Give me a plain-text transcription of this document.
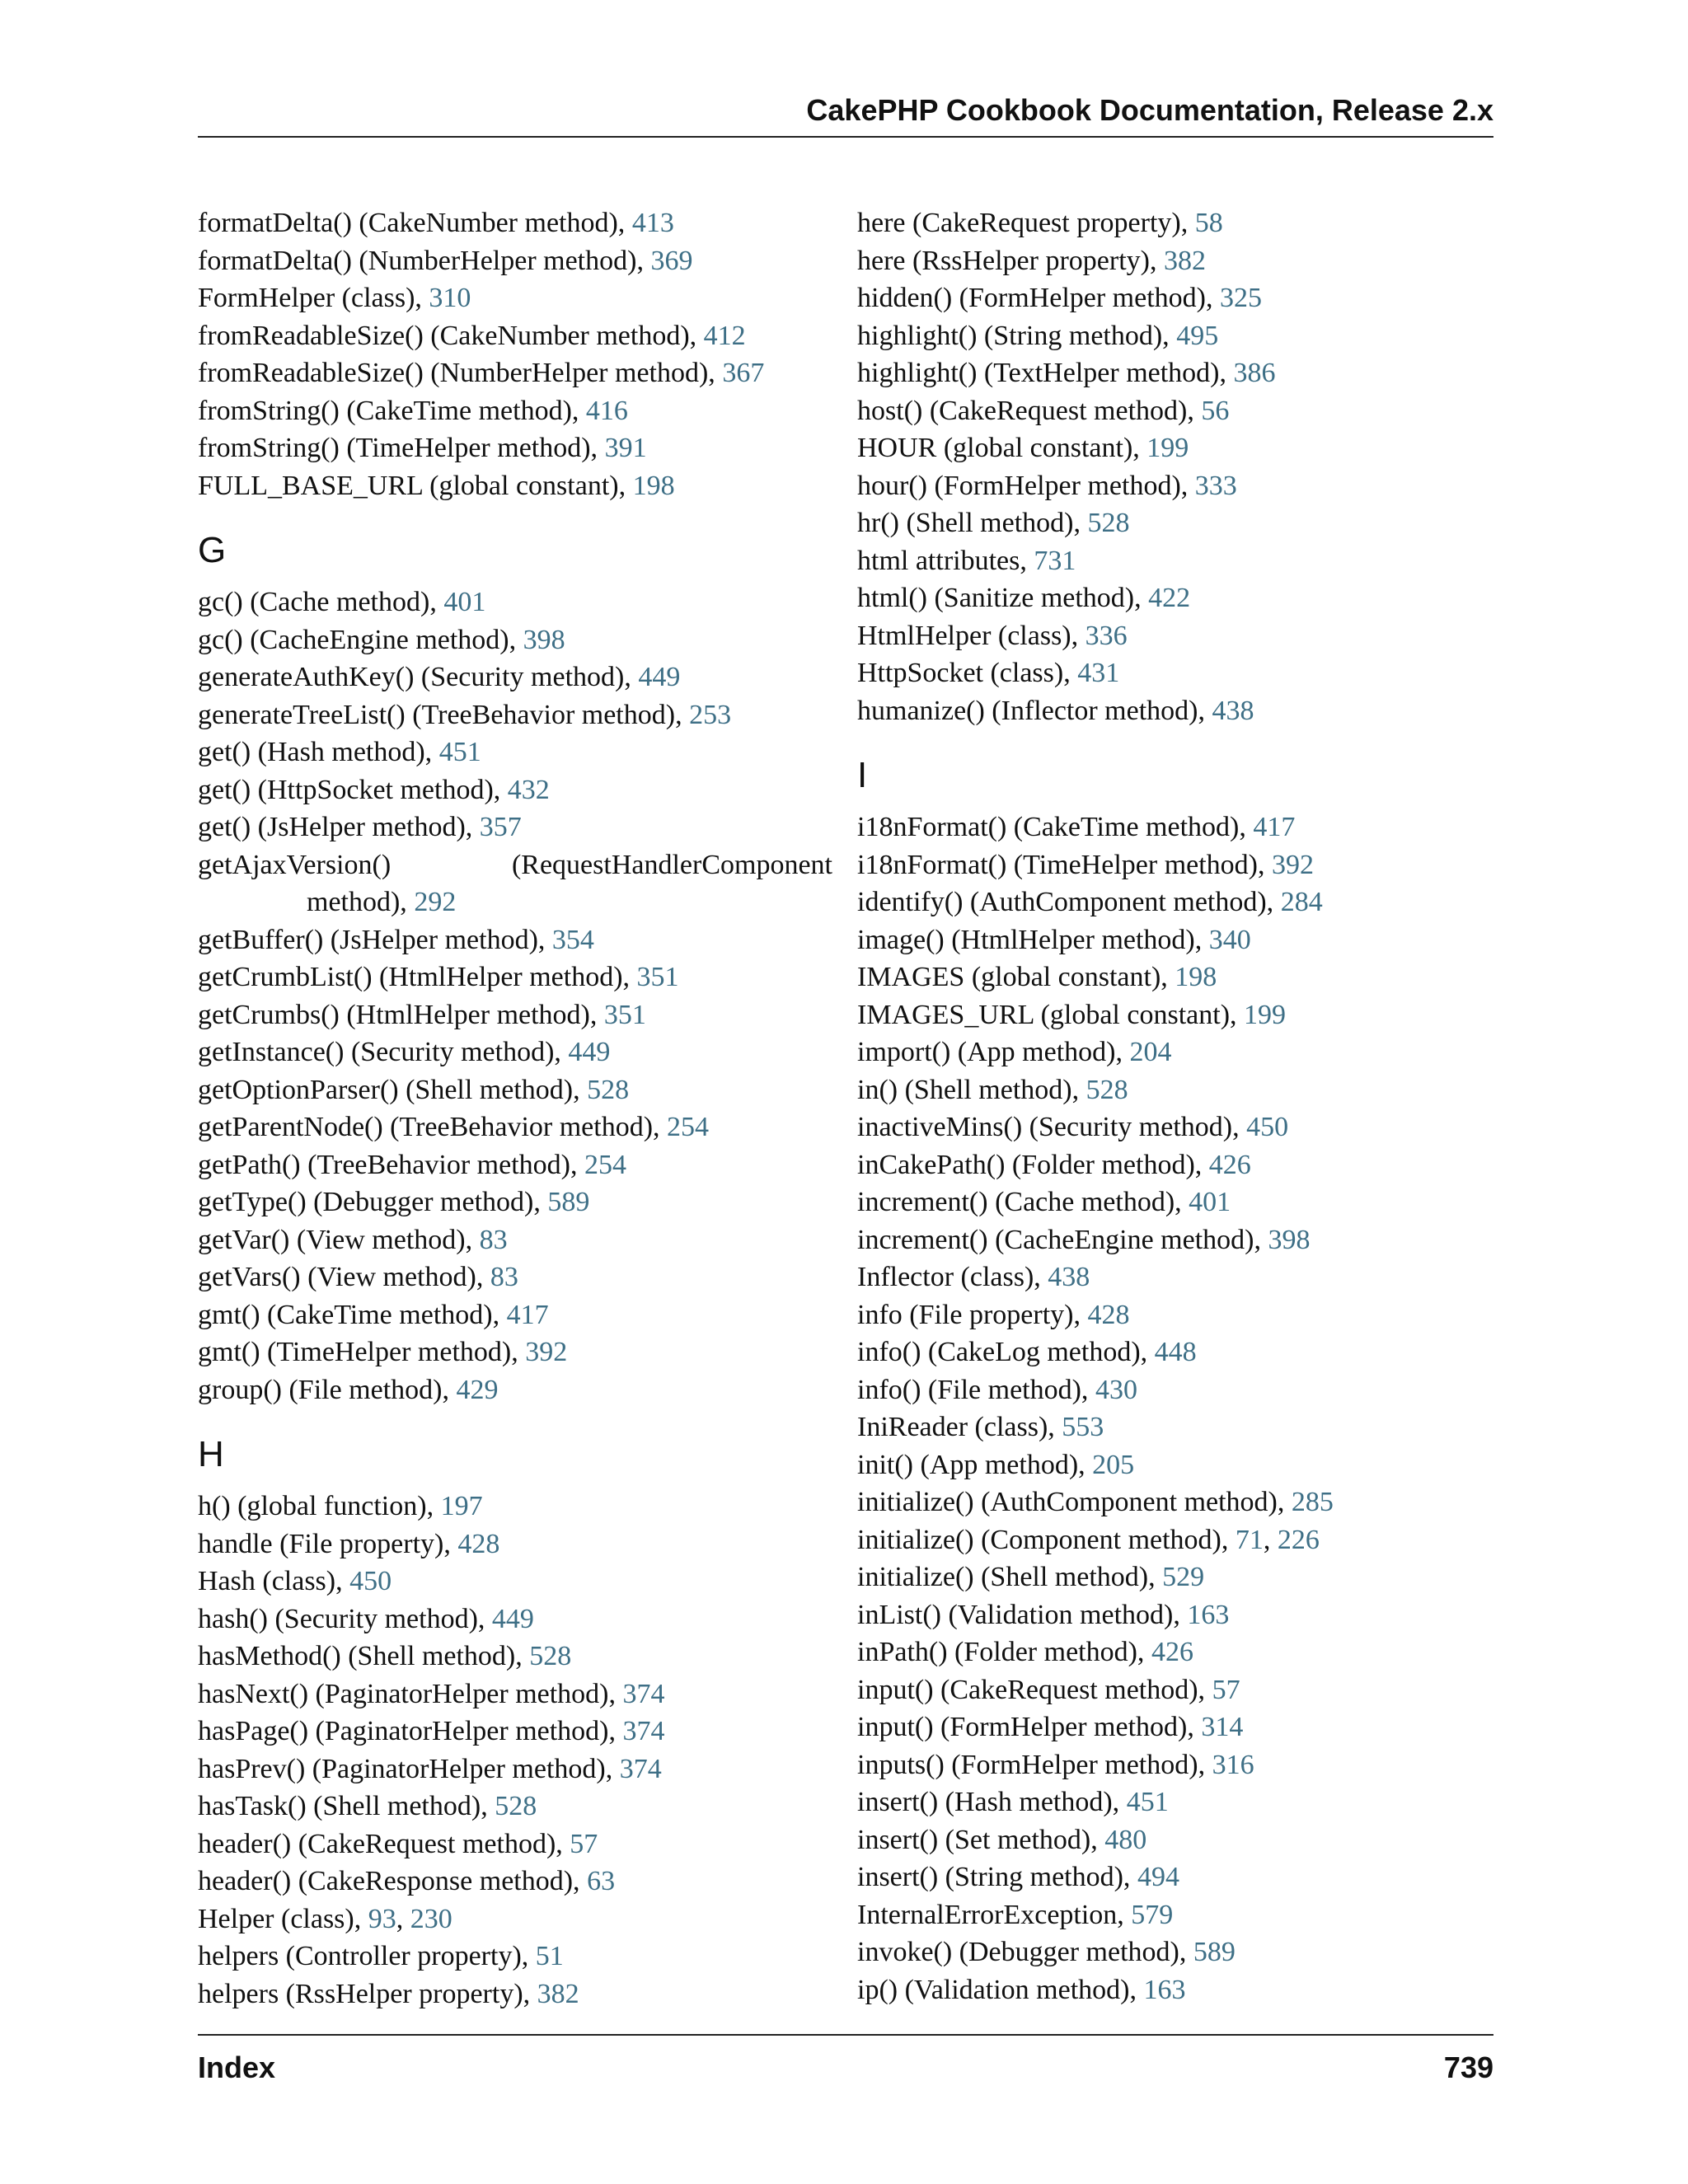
CakePHP Cookbook Documentation, Release 2.x
formatDelta() (CakeNumber method), 413
formatDelta() (NumberHelper method), 369
FormHelper (class), 310
fromReadableSize() (CakeNumber method), 412
fromReadableSize() (NumberHelper method), 367
fromString() (CakeTime method), 416
fromString() (TimeHelper method), 391
FULL_BASE_URL (global constant), 198
G
gc() (Cache method), 401
gc() (CacheEngine method), 398
generateAuthKey() (Security method), 449
generateTreeList() (TreeBehavior method), 253
get() (Hash method), 451
get() (HttpSocket method), 432
get() (JsHelper method), 357
getAjaxVersion()	(RequestHandlerComponent
method), 292
getBuffer() (JsHelper method), 354
getCrumbList() (HtmlHelper method), 351
getCrumbs() (HtmlHelper method), 351
getInstance() (Security method), 449
getOptionParser() (Shell method), 528
getParentNode() (TreeBehavior method), 254
getPath() (TreeBehavior method), 254
getType() (Debugger method), 589
getVar() (View method), 83
getVars() (View method), 83
gmt() (CakeTime method), 417
gmt() (TimeHelper method), 392
group() (File method), 429
H
h() (global function), 197
handle (File property), 428
Hash (class), 450
hash() (Security method), 449
hasMethod() (Shell method), 528
hasNext() (PaginatorHelper method), 374
hasPage() (PaginatorHelper method), 374
hasPrev() (PaginatorHelper method), 374
hasTask() (Shell method), 528
header() (CakeRequest method), 57
header() (CakeResponse method), 63
Helper (class), 93, 230
helpers (Controller property), 51
helpers (RssHelper property), 382
here (CakeRequest property), 58
here (RssHelper property), 382
hidden() (FormHelper method), 325
highlight() (String method), 495
highlight() (TextHelper method), 386
host() (CakeRequest method), 56
HOUR (global constant), 199
hour() (FormHelper method), 333
hr() (Shell method), 528
html attributes, 731
html() (Sanitize method), 422
HtmlHelper (class), 336
HttpSocket (class), 431
humanize() (Inflector method), 438
I
i18nFormat() (CakeTime method), 417
i18nFormat() (TimeHelper method), 392
identify() (AuthComponent method), 284
image() (HtmlHelper method), 340
IMAGES (global constant), 198
IMAGES_URL (global constant), 199
import() (App method), 204
in() (Shell method), 528
inactiveMins() (Security method), 450
inCakePath() (Folder method), 426
increment() (Cache method), 401
increment() (CacheEngine method), 398
Inflector (class), 438
info (File property), 428
info() (CakeLog method), 448
info() (File method), 430
IniReader (class), 553
init() (App method), 205
initialize() (AuthComponent method), 285
initialize() (Component method), 71, 226
initialize() (Shell method), 529
inList() (Validation method), 163
inPath() (Folder method), 426
input() (CakeRequest method), 57
input() (FormHelper method), 314
inputs() (FormHelper method), 316
insert() (Hash method), 451
insert() (Set method), 480
insert() (String method), 494
InternalErrorException, 579
invoke() (Debugger method), 589
ip() (Validation method), 163
Index	739
